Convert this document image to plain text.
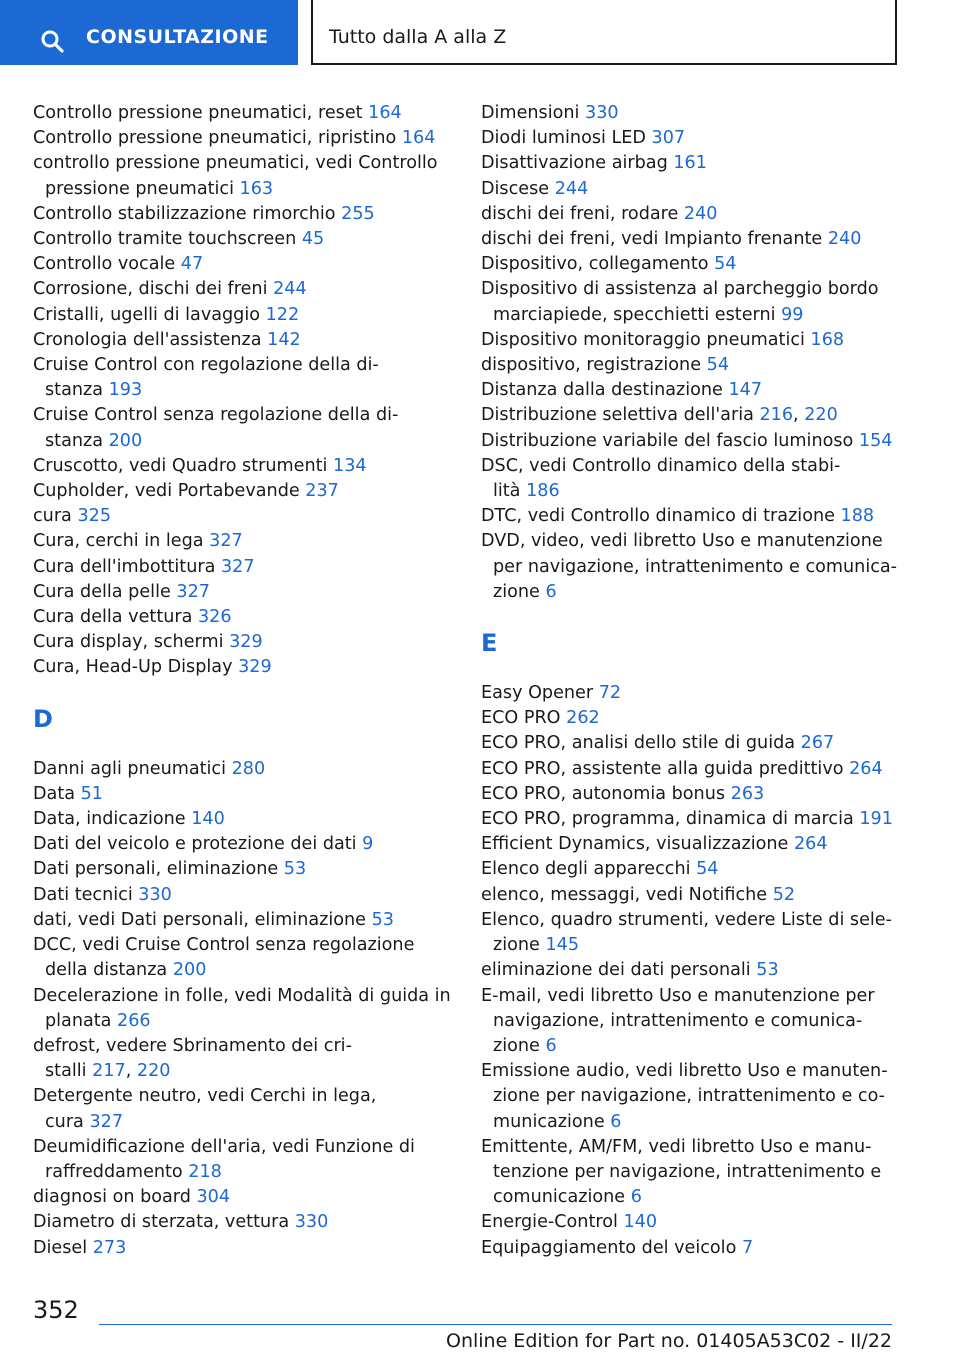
CONSULTAZIONE	Tutto dalla A alla Z
Controllo pressione pneumatici, reset 164
Controllo pressione pneumatici, ripristino 164
controllo pressione pneumatici, vedi Controllo
pressione pneumatici 163
Controllo stabilizzazione rimorchio 255
Controllo tramite touchscreen 45
Controllo vocale 47
Corrosione, dischi dei freni 244
Cristalli, ugelli di lavaggio 122
Cronologia dell'assistenza 142
Cruise Control con regolazione della di-
stanza 193
Cruise Control senza regolazione della di-
stanza 200
Cruscotto, vedi Quadro strumenti 134
Cupholder, vedi Portabevande 237
cura 325
Cura, cerchi in lega 327
Cura dell'imbottitura 327
Cura della pelle 327
Cura della vettura 326
Cura display, schermi 329
Cura, Head-Up Display 329
D
Danni agli pneumatici 280
Data 51
Data, indicazione 140
Dati del veicolo e protezione dei dati 9
Dati personali, eliminazione 53
Dati tecnici 330
dati, vedi Dati personali, eliminazione 53
DCC, vedi Cruise Control senza regolazione
della distanza 200
Decelerazione in folle, vedi Modalità di guida in
planata 266
defrost, vedere Sbrinamento dei cri-
stalli 217, 220
Detergente neutro, vedi Cerchi in lega,
cura 327
Deumidificazione dell'aria, vedi Funzione di
raffreddamento 218
diagnosi on board 304
Diametro di sterzata, vettura 330
Diesel 273
Dimensioni 330
Diodi luminosi LED 307
Disattivazione airbag 161
Discese 244
dischi dei freni, rodare 240
dischi dei freni, vedi Impianto frenante 240
Dispositivo, collegamento 54
Dispositivo di assistenza al parcheggio bordo
marciapiede, specchietti esterni 99
Dispositivo monitoraggio pneumatici 168
dispositivo, registrazione 54
Distanza dalla destinazione 147
Distribuzione selettiva dell'aria 216, 220
Distribuzione variabile del fascio luminoso 154
DSC, vedi Controllo dinamico della stabi-
lità 186
DTC, vedi Controllo dinamico di trazione 188
DVD, video, vedi libretto Uso e manutenzione
per navigazione, intrattenimento e comunica-
zione 6
E
Easy Opener 72
ECO PRO 262
ECO PRO, analisi dello stile di guida 267
ECO PRO, assistente alla guida predittivo 264
ECO PRO, autonomia bonus 263
ECO PRO, programma, dinamica di marcia 191
Efficient Dynamics, visualizzazione 264
Elenco degli apparecchi 54
elenco, messaggi, vedi Notifiche 52
Elenco, quadro strumenti, vedere Liste di sele-
zione 145
eliminazione dei dati personali 53
E-mail, vedi libretto Uso e manutenzione per
navigazione, intrattenimento e comunica-
zione 6
Emissione audio, vedi libretto Uso e manuten-
zione per navigazione, intrattenimento e co-
municazione 6
Emittente, AM/FM, vedi libretto Uso e manu-
tenzione per navigazione, intrattenimento e
comunicazione 6
Energie-Control 140
Equipaggiamento del veicolo 7
352
Online Edition for Part no. 01405A53C02 - II/22
